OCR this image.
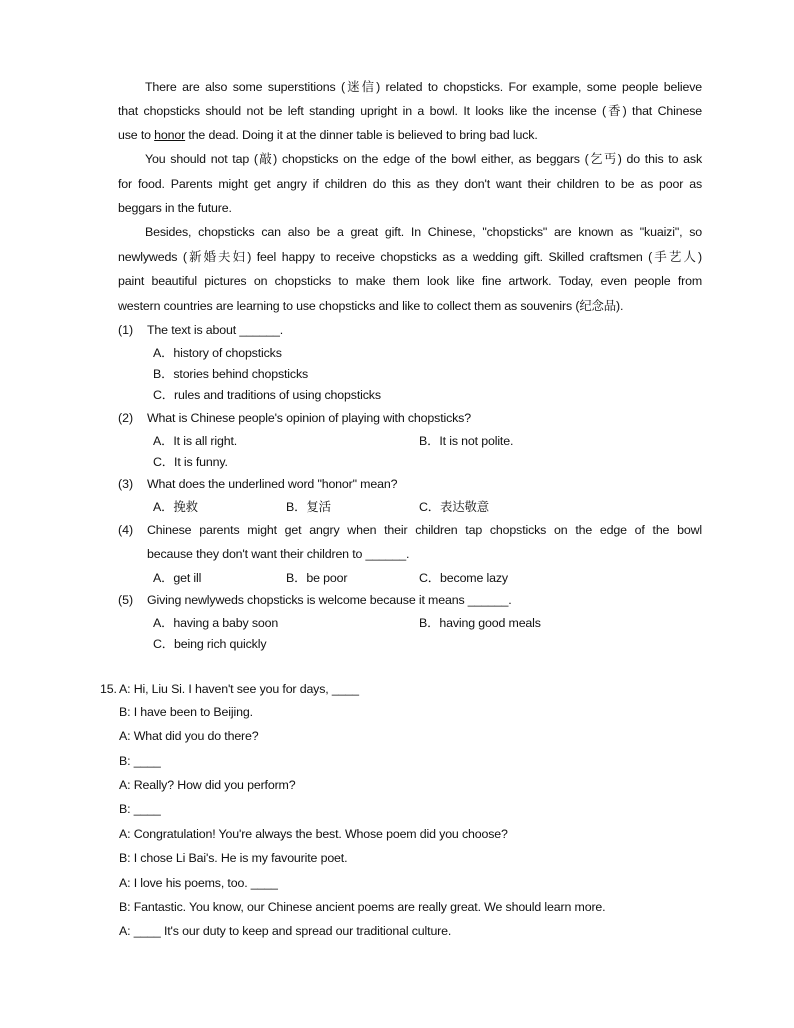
There are also some superstitions (迷信) related to chopsticks. For example, some people believe
that chopsticks should not be left standing upright in a bowl. It looks like the incense (香) that Chinese
use to honor the dead. Doing it at the dinner table is believed to bring bad luck.
You should not tap (敲) chopsticks on the edge of the bowl either, as beggars (乞丐) do this to ask
for food. Parents might get angry if children do this as they don't want their children to be as poor as
beggars in the future.
Besides, chopsticks can also be a great gift. In Chinese, "chopsticks" are known as "kuaizi", so
newlyweds (新婚夫妇) feel happy to receive chopsticks as a wedding gift. Skilled craftsmen (手艺人)
paint beautiful pictures on chopsticks to make them look like fine artwork. Today, even people from
western countries are learning to use chopsticks and like to collect them as souvenirs (纪念品).
(1) The text is about ______.
A．history of chopsticks
B．stories behind chopsticks
C．rules and traditions of using chopsticks
(2) What is Chinese people's opinion of playing with chopsticks?
A．It is all right.	B．It is not polite.
C．It is funny.
(3) What does the underlined word "honor" mean?
A．挽救	B．复活	C．表达敬意
(4) Chinese parents might get angry when their children tap chopsticks on the edge of the bowl
because they don't want their children to ______.
A．get ill	B．be poor	C．become lazy
(5) Giving newlyweds chopsticks is welcome because it means ______.
A．having a baby soon	B．having good meals
C．being rich quickly
15. A: Hi, Liu Si. I haven't see you for days, ____
B: I have been to Beijing.
A: What did you do there?
B: ____
A: Really? How did you perform?
B: ____
A: Congratulation! You're always the best. Whose poem did you choose?
B: I chose Li Bai's. He is my favourite poet.
A: I love his poems, too. ____
B: Fantastic. You know, our Chinese ancient poems are really great. We should learn more.
A: ____ It's our duty to keep and spread our traditional culture.
